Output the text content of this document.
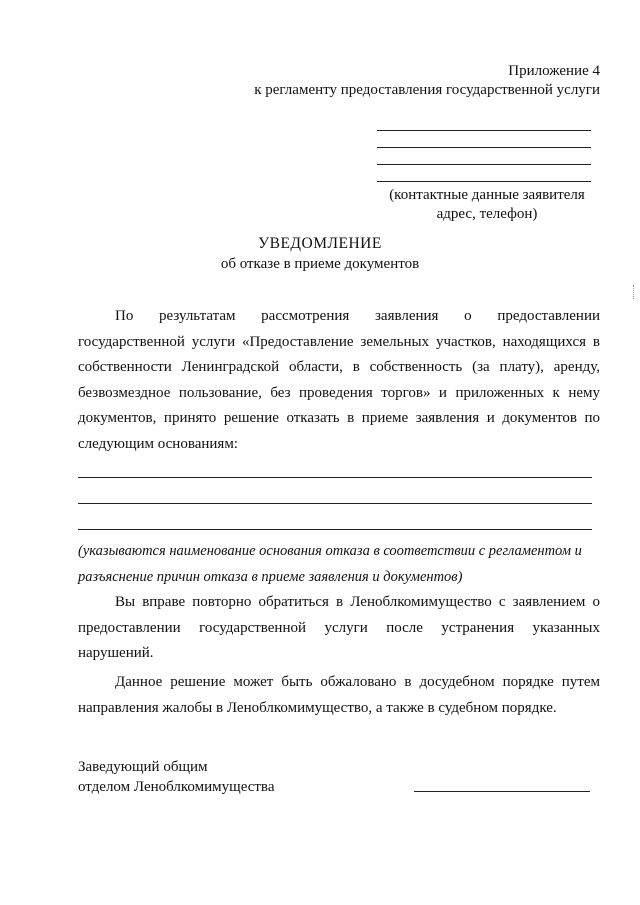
Приложение 4
к регламенту предоставления государственной услуги
(контактные данные заявителя
адрес, телефон)
УВЕДОМЛЕНИЕ
об отказе в приеме документов
По результатам рассмотрения заявления о предоставлении государственной услуги «Предоставление земельных участков, находящихся в собственности Ленинградской области, в собственность (за плату), аренду, безвозмездное пользование, без проведения торгов» и приложенных к нему документов, принято решение отказать в приеме заявления и документов по следующим основаниям:
(указываются наименование основания отказа в соответствии с регламентом и разъяснение причин отказа в приеме заявления и документов)
Вы вправе повторно обратиться в Леноблкомимущество с заявлением о предоставлении государственной услуги после устранения указанных нарушений.
Данное решение может быть обжаловано в досудебном порядке путем направления жалобы в Леноблкомимущество, а также в судебном порядке.
Заведующий общим
отделом Леноблкомимущества
